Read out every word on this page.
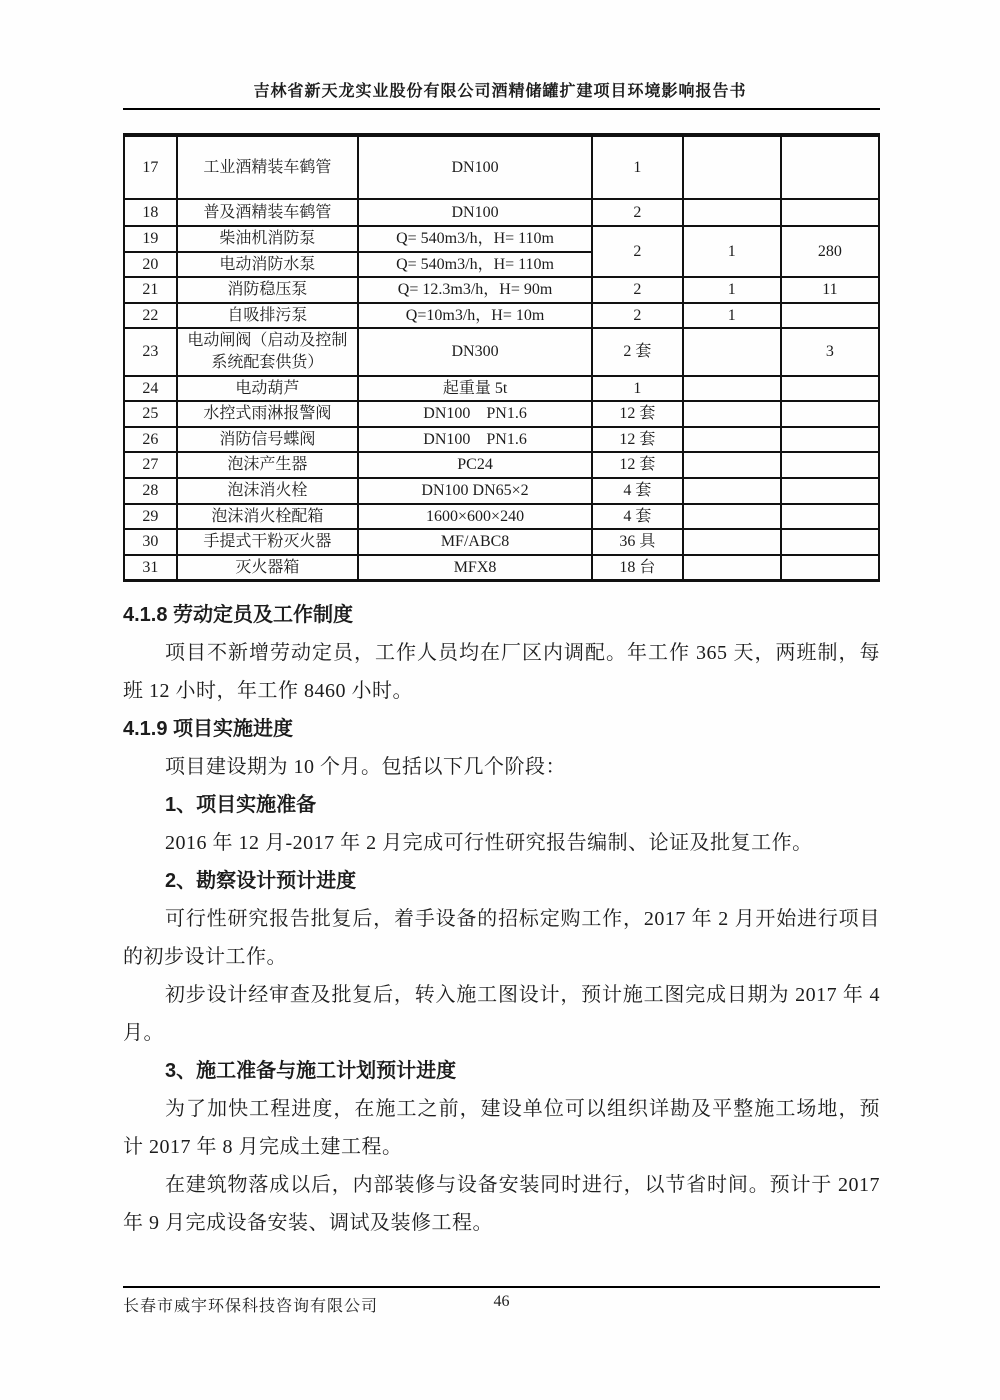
吉林省新天龙实业股份有限公司酒精储罐扩建项目环境影响报告书
17	工业酒精装车鹤管	DN100	1		
18	普及酒精装车鹤管	DN100	2		
19	柴油机消防泵	Q= 540m3/h，H= 110m	2	1	280
20	电动消防水泵	Q= 540m3/h，H= 110m			
21	消防稳压泵	Q= 12.3m3/h，H= 90m	2	1	11
22	自吸排污泵	Q=10m3/h，H= 10m	2	1	
23	电动闸阀（启动及控制系统配套供货）	DN300	2 套		3
24	电动葫芦	起重量 5t	1		
25	水控式雨淋报警阀	DN100　PN1.6	12 套		
26	消防信号蝶阀	DN100　PN1.6	12 套		
27	泡沫产生器	PC24	12 套		
28	泡沫消火栓	DN100 DN65×2	4 套		
29	泡沫消火栓配箱	1600×600×240	4 套		
30	手提式干粉灭火器	MF/ABC8	36 具		
31	灭火器箱	MFX8	18 台		
4.1.8 劳动定员及工作制度

项目不新增劳动定员，工作人员均在厂区内调配。年工作 365 天，两班制，每班 12 小时，年工作 8460 小时。

4.1.9 项目实施进度

项目建设期为 10 个月。包括以下几个阶段：

1、项目实施准备

2016 年 12 月-2017 年 2 月完成可行性研究报告编制、论证及批复工作。

2、勘察设计预计进度

可行性研究报告批复后，着手设备的招标定购工作，2017 年 2 月开始进行项目的初步设计工作。

初步设计经审查及批复后，转入施工图设计，预计施工图完成日期为 2017 年 4 月。

3、施工准备与施工计划预计进度

为了加快工程进度，在施工之前，建设单位可以组织详勘及平整施工场地，预计 2017 年 8 月完成土建工程。

在建筑物落成以后，内部装修与设备安装同时进行，以节省时间。预计于 2017 年 9 月完成设备安装、调试及装修工程。

长春市威宇环保科技咨询有限公司	46
